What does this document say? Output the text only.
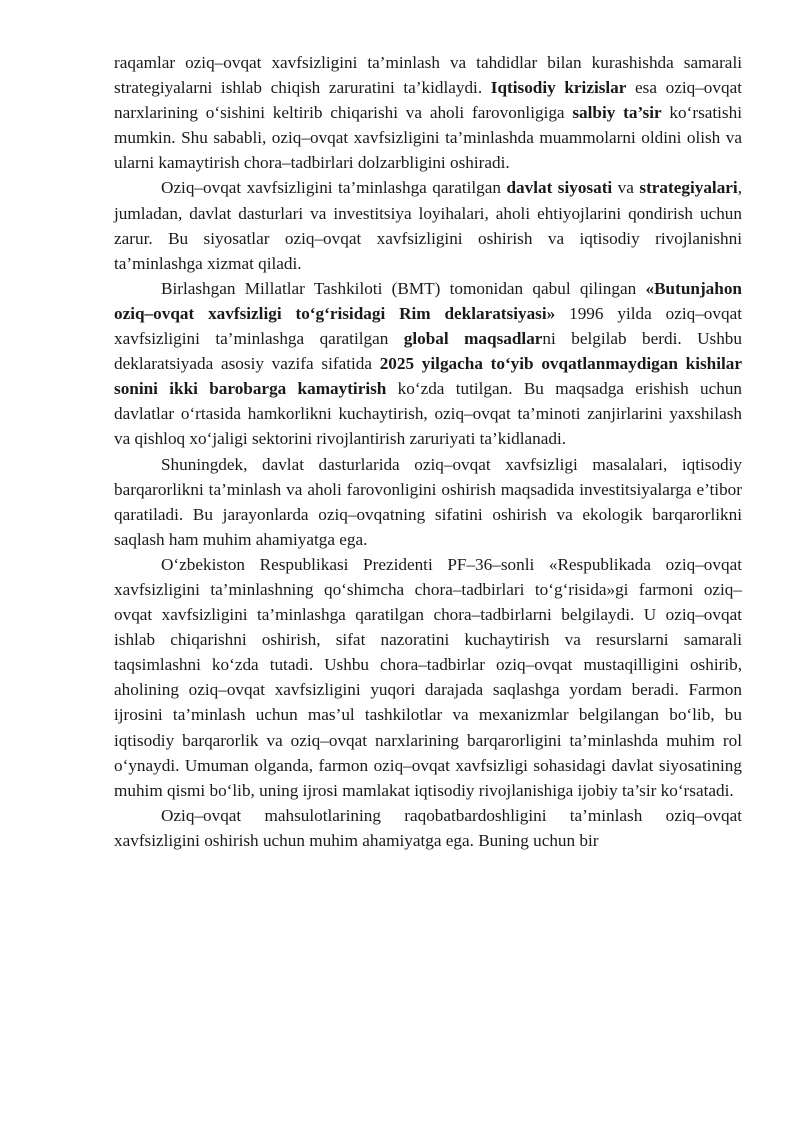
raqamlar oziq–ovqat xavfsizligini ta’minlash va tahdidlar bilan kurashishda samarali strategiyalarni ishlab chiqish zaruratini ta’kidlaydi. Iqtisodiy krizislar esa oziq–ovqat narxlarining o‘sishini keltirib chiqarishi va aholi farovonligiga salbiy ta’sir ko‘rsatishi mumkin. Shu sababli, oziq–ovqat xavfsizligini ta’minlashda muammolarni oldini olish va ularni kamaytirish chora–tadbirlari dolzarbligini oshiradi.

Oziq–ovqat xavfsizligini ta’minlashga qaratilgan davlat siyosati va strategiyalari, jumladan, davlat dasturlari va investitsiya loyihalari, aholi ehtiyojlarini qondirish uchun zarur. Bu siyosatlar oziq–ovqat xavfsizligini oshirish va iqtisodiy rivojlanishni ta’minlashga xizmat qiladi.

Birlashgan Millatlar Tashkiloti (BMT) tomonidan qabul qilingan «Butunjahon oziq–ovqat xavfsizligi to‘g‘risidagi Rim deklaratsiyasi» 1996 yilda oziq–ovqat xavfsizligini ta’minlashga qaratilgan global maqsadlarni belgilab berdi. Ushbu deklaratsiyada asosiy vazifa sifatida 2025 yilgacha to‘yib ovqatlanmaydigan kishilar sonini ikki barobarga kamaytirish ko‘zda tutilgan. Bu maqsadga erishish uchun davlatlar o‘rtasida hamkorlikni kuchaytirish, oziq–ovqat ta’minoti zanjirlarini yaxshilash va qishloq xo‘jaligi sektorini rivojlantirish zaruriyati ta’kidlanadi.

Shuningdek, davlat dasturlarida oziq–ovqat xavfsizligi masalalari, iqtisodiy barqarorlikni ta’minlash va aholi farovonligini oshirish maqsadida investitsiyalarga e’tibor qaratiladi. Bu jarayonlarda oziq–ovqatning sifatini oshirish va ekologik barqarorlikni saqlash ham muhim ahamiyatga ega.

O‘zbekiston Respublikasi Prezidenti PF–36–sonli «Respublikada oziq–ovqat xavfsizligini ta’minlashning qo‘shimcha chora–tadbirlari to‘g‘risida»gi farmoni oziq–ovqat xavfsizligini ta’minlashga qaratilgan chora–tadbirlarni belgilaydi. U oziq–ovqat ishlab chiqarishni oshirish, sifat nazoratini kuchaytirish va resurslarni samarali taqsimlashni ko‘zda tutadi. Ushbu chora–tadbirlar oziq–ovqat mustaqilligini oshirib, aholining oziq–ovqat xavfsizligini yuqori darajada saqlashga yordam beradi. Farmon ijrosini ta’minlash uchun mas’ul tashkilotlar va mexanizmlar belgilangan bo‘lib, bu iqtisodiy barqarorlik va oziq–ovqat narxlarining barqarorligini ta’minlashda muhim rol o‘ynaydi. Umuman olganda, farmon oziq–ovqat xavfsizligi sohasidagi davlat siyosatining muhim qismi bo‘lib, uning ijrosi mamlakat iqtisodiy rivojlanishiga ijobiy ta’sir ko‘rsatadi.

Oziq–ovqat mahsulotlarining raqobatbardoshligini ta’minlash oziq–ovqat xavfsizligini oshirish uchun muhim ahamiyatga ega. Buning uchun bir
